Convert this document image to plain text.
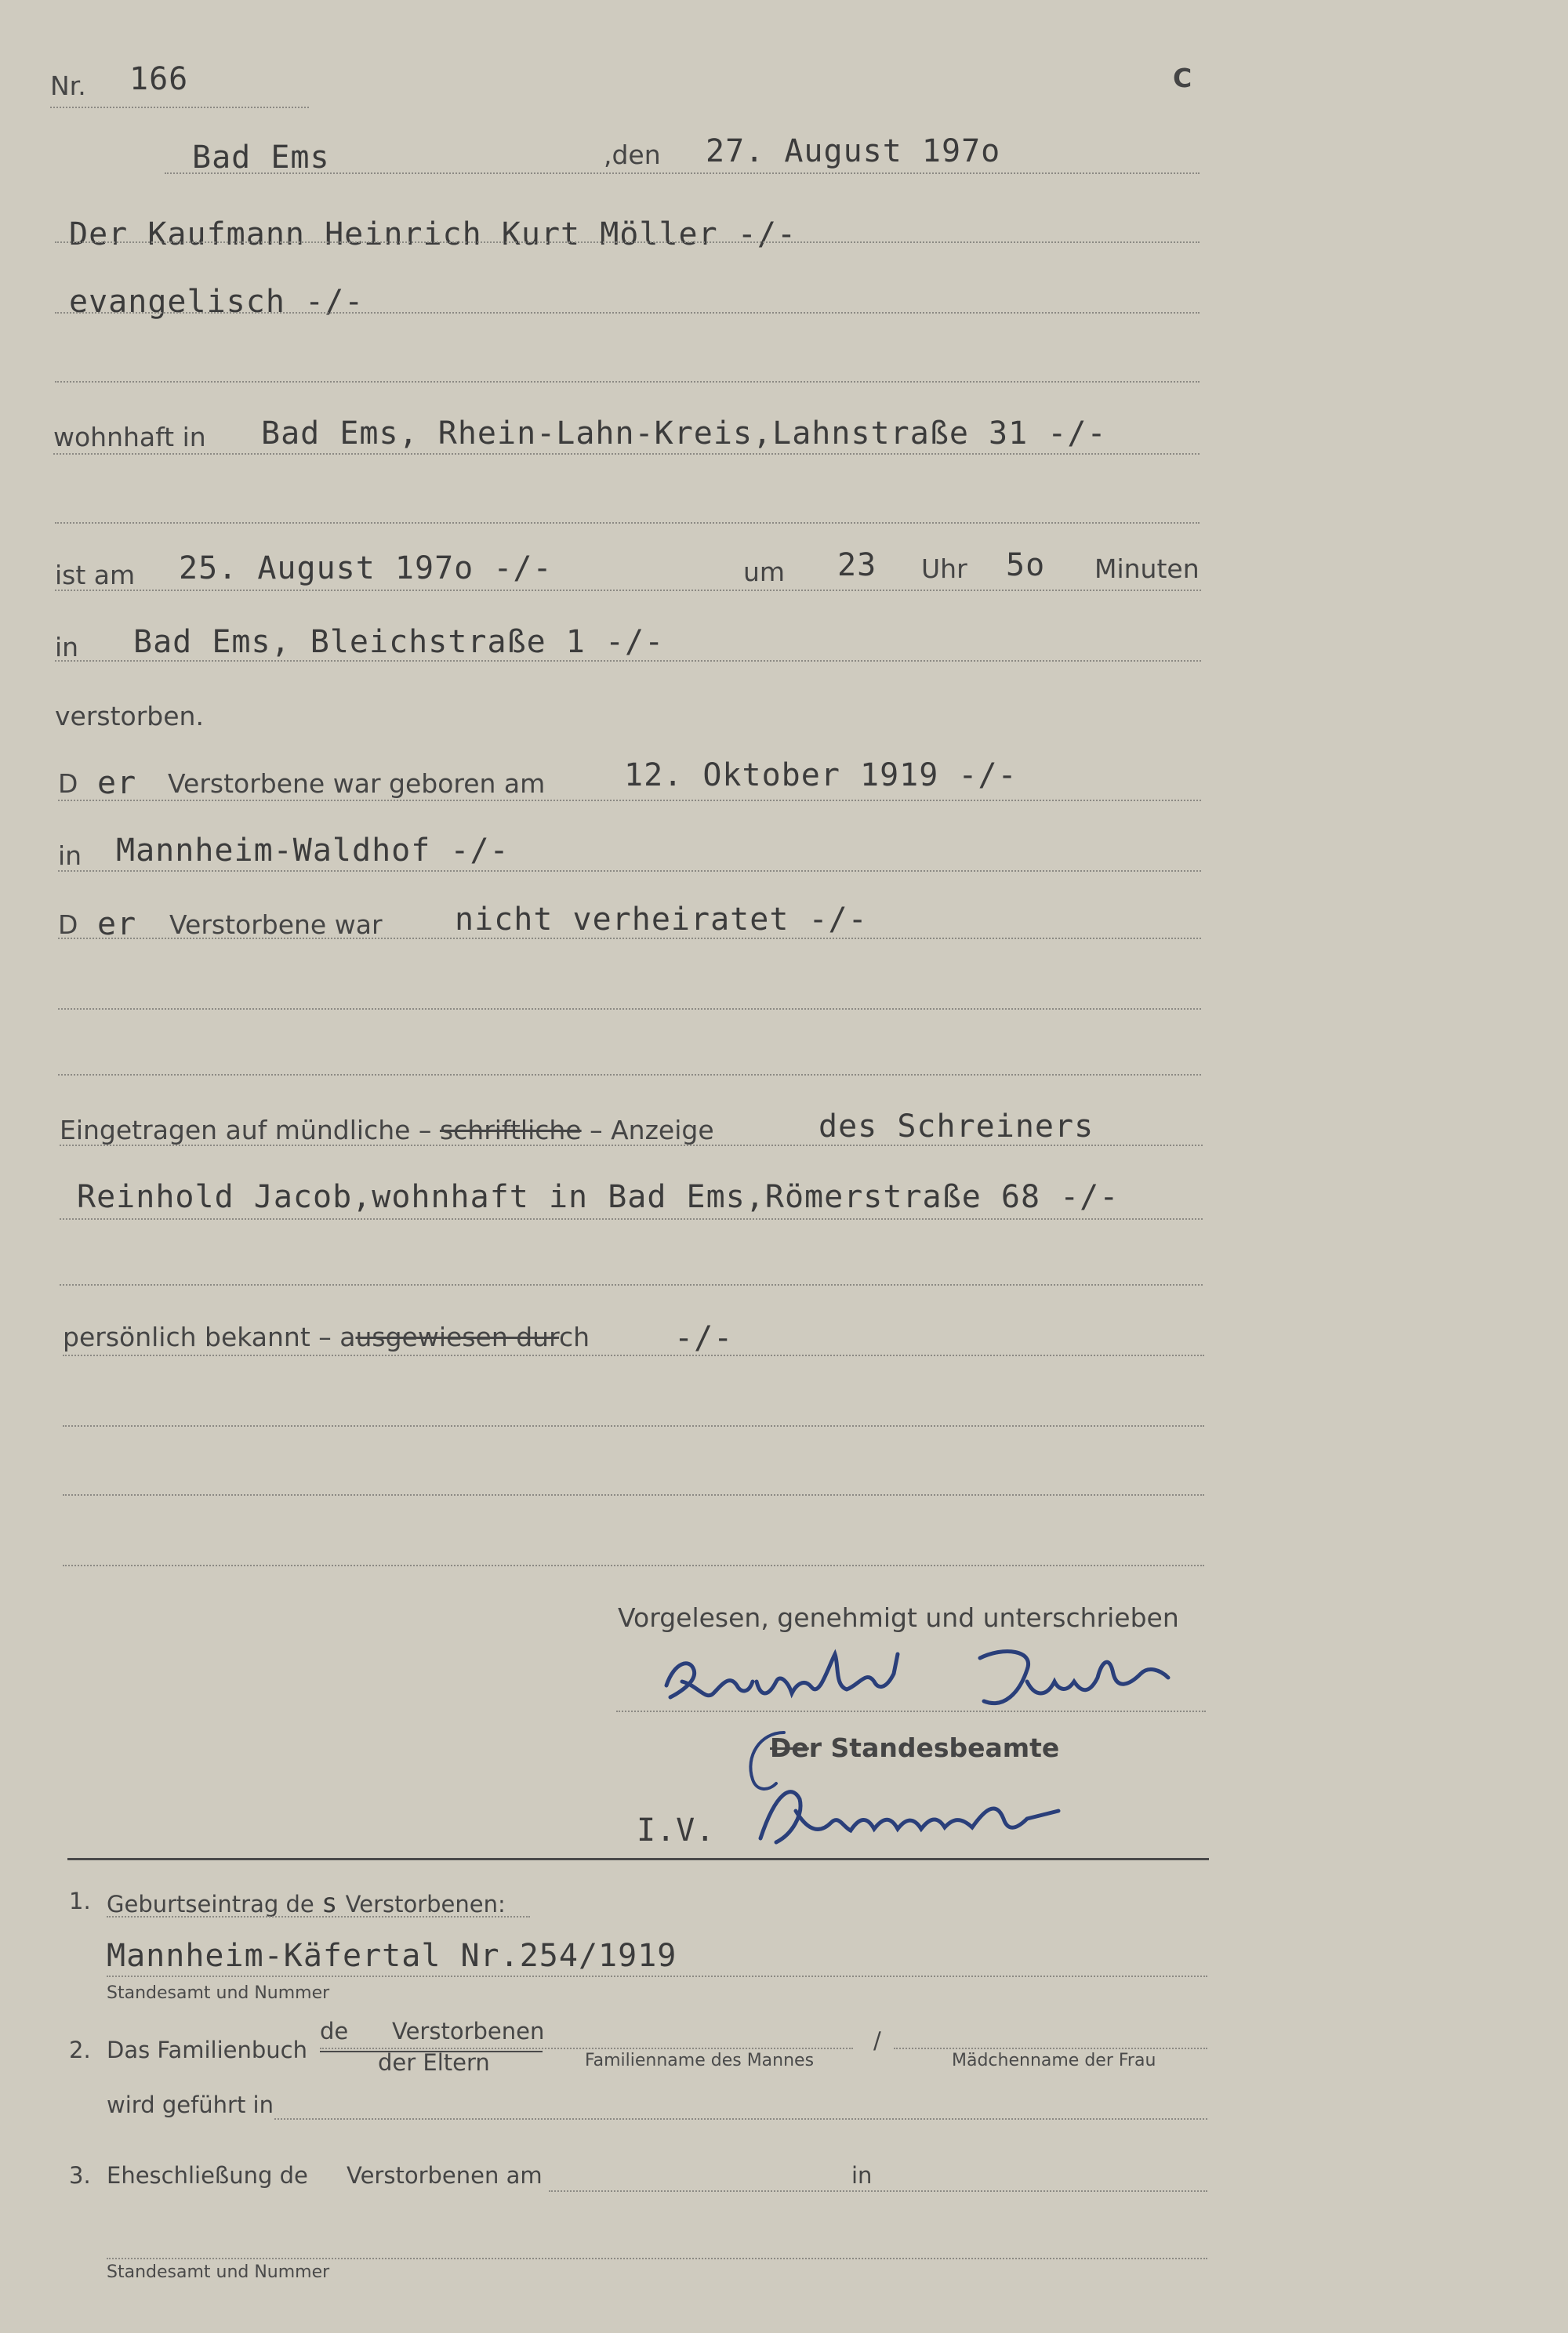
Nr. 166	C
Bad Ems	,den 27. August 197o
Der Kaufmann Heinrich Kurt Möller -/-
evangelisch -/-
wohnhaft in Bad Ems, Rhein-Lahn-Kreis,Lahnstraße 31 -/-
ist am 25. August 197o -/-	um 23 Uhr 5o Minuten
in Bad Ems, Bleichstraße 1 -/-
verstorben.
D er Verstorbene war geboren am	12. Oktober 1919 -/-
in Mannheim-Waldhof -/-
D er Verstorbene war nicht verheiratet -/-
Eingetragen auf mündliche – schriftliche – Anzeige	des Schreiners
Reinhold Jacob,wohnhaft in Bad Ems,Römerstraße 68 -/-
persönlich bekannt – ausgewiesen durch	-/-
Vorgelesen, genehmigt und unterschrieben
Der Standesbeamte
I.V.
1. Geburtseintrag de s Verstorbenen:
Mannheim-Käfertal Nr.254/1919
Standesamt und Nummer
2. Das Familienbuch
de Verstorbenen
der Eltern
/
Familienname des Mannes	Mädchenname der Frau
wird geführt in
3. Eheschließung de Verstorbenen am	in
Standesamt und Nummer
